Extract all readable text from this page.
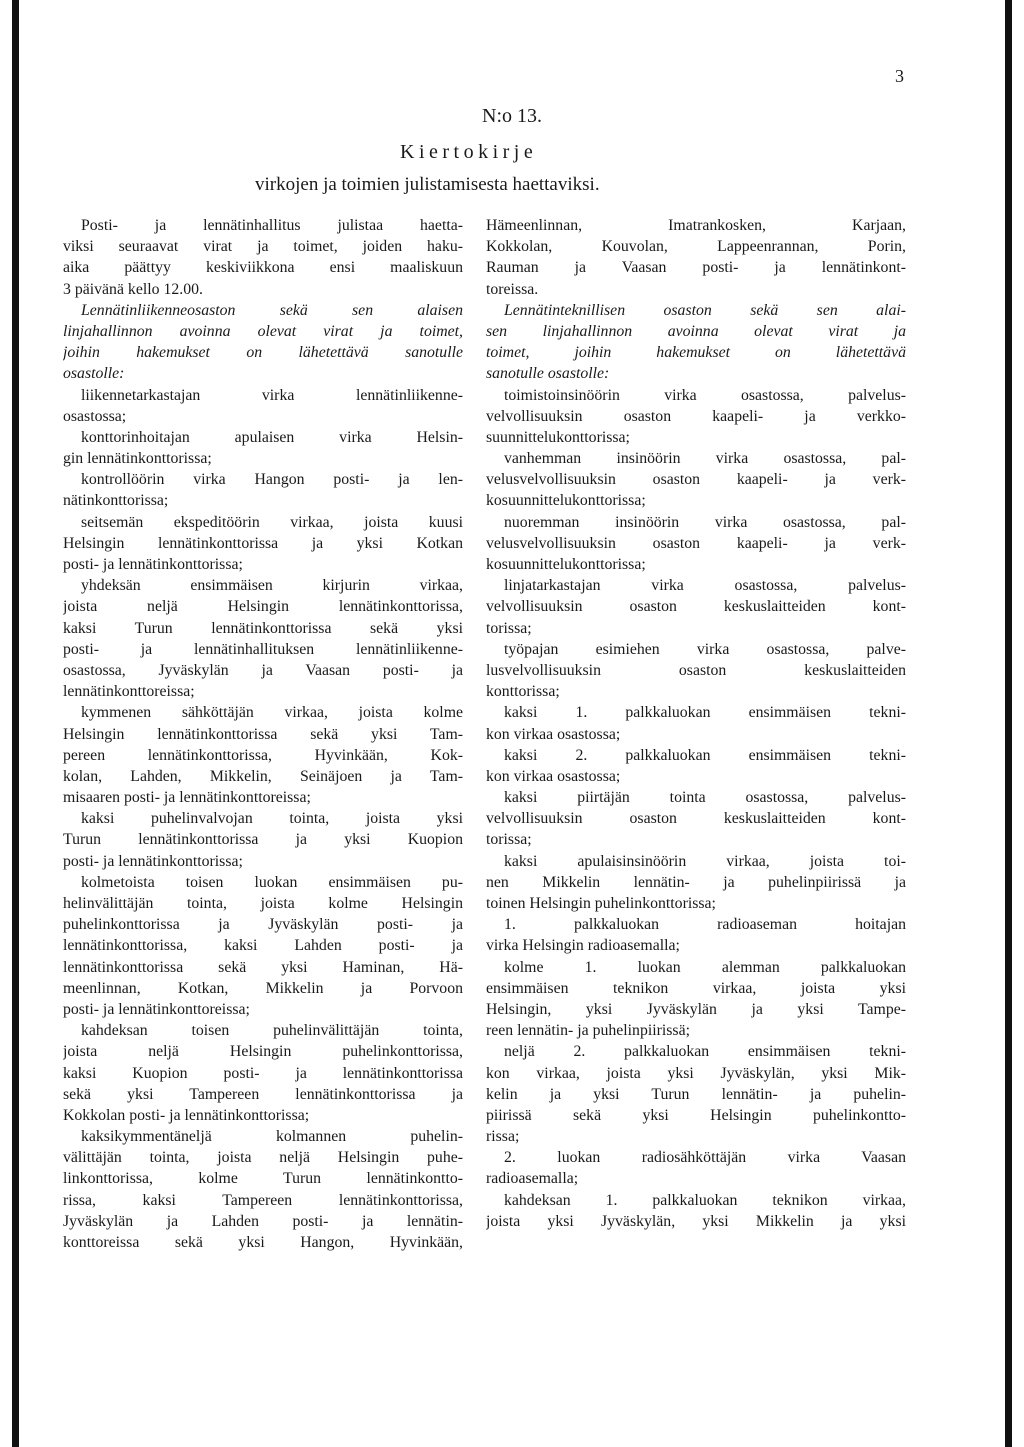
3
N:o 13.
Kiertokirje
virkojen ja toimien julistamisesta haettaviksi.
Posti- ja lennätinhallitus julistaa haetta-
viksi seuraavat virat ja toimet, joiden haku-
aika päättyy keskiviikkona ensi maaliskuun
3 päivänä kello 12.00.
Lennätinliikenneosaston sekä sen alaisen
linjahallinnon avoinna olevat virat ja toimet,
joihin hakemukset on lähetettävä sanotulle
osastolle:
liikennetarkastajan virka lennätinliikenne-
osastossa;
konttorinhoitajan apulaisen virka Helsin-
gin lennätinkonttorissa;
kontrollöörin virka Hangon posti- ja len-
nätinkonttorissa;
seitsemän ekspeditöörin virkaa, joista kuusi
Helsingin lennätinkonttorissa ja yksi Kotkan
posti- ja lennätinkonttorissa;
yhdeksän ensimmäisen kirjurin virkaa,
joista neljä Helsingin lennätinkonttorissa,
kaksi Turun lennätinkonttorissa sekä yksi
posti- ja lennätinhallituksen lennätinliikenne-
osastossa, Jyväskylän ja Vaasan posti- ja
lennätinkonttoreissa;
kymmenen sähköttäjän virkaa, joista kolme
Helsingin lennätinkonttorissa sekä yksi Tam-
pereen lennätinkonttorissa, Hyvinkään, Kok-
kolan, Lahden, Mikkelin, Seinäjoen ja Tam-
misaaren posti- ja lennätinkonttoreissa;
kaksi puhelinvalvojan tointa, joista yksi
Turun lennätinkonttorissa ja yksi Kuopion
posti- ja lennätinkonttorissa;
kolmetoista toisen luokan ensimmäisen pu-
helinvälittäjän tointa, joista kolme Helsingin
puhelinkonttorissa ja Jyväskylän posti- ja
lennätinkonttorissa, kaksi Lahden posti- ja
lennätinkonttorissa sekä yksi Haminan, Hä-
meenlinnan, Kotkan, Mikkelin ja Porvoon
posti- ja lennätinkonttoreissa;
kahdeksan toisen puhelinvälittäjän tointa,
joista neljä Helsingin puhelinkonttorissa,
kaksi Kuopion posti- ja lennätinkonttorissa
sekä yksi Tampereen lennätinkonttorissa ja
Kokkolan posti- ja lennätinkonttorissa;
kaksikymmentäneljä kolmannen puhelin-
välittäjän tointa, joista neljä Helsingin puhe-
linkonttorissa, kolme Turun lennätinkontto-
rissa, kaksi Tampereen lennätinkonttorissa,
Jyväskylän ja Lahden posti- ja lennätin-
konttoreissa sekä yksi Hangon, Hyvinkään,
Hämeenlinnan, Imatrankosken, Karjaan,
Kokkolan, Kouvolan, Lappeenrannan, Porin,
Rauman ja Vaasan posti- ja lennätinkont-
toreissa.
Lennätinteknillisen osaston sekä sen alai-
sen linjahallinnon avoinna olevat virat ja
toimet, joihin hakemukset on lähetettävä
sanotulle osastolle:
toimistoinsinöörin virka osastossa, palvelus-
velvollisuuksin osaston kaapeli- ja verkko-
suunnittelukonttorissa;
vanhemman insinöörin virka osastossa, pal-
velusvelvollisuuksin osaston kaapeli- ja verk-
kosuunnittelukonttorissa;
nuoremman insinöörin virka osastossa, pal-
velusvelvollisuuksin osaston kaapeli- ja verk-
kosuunnittelukonttorissa;
linjatarkastajan virka osastossa, palvelus-
velvollisuuksin osaston keskuslaitteiden kont-
torissa;
työpajan esimiehen virka osastossa, palve-
lusvelvollisuuksin osaston keskuslaitteiden
konttorissa;
kaksi 1. palkkaluokan ensimmäisen tekni-
kon virkaa osastossa;
kaksi 2. palkkaluokan ensimmäisen tekni-
kon virkaa osastossa;
kaksi piirtäjän tointa osastossa, palvelus-
velvollisuuksin osaston keskuslaitteiden kont-
torissa;
kaksi apulaisinsinöörin virkaa, joista toi-
nen Mikkelin lennätin- ja puhelinpiirissä ja
toinen Helsingin puhelinkonttorissa;
1. palkkaluokan radioaseman hoitajan
virka Helsingin radioasemalla;
kolme 1. luokan alemman palkkaluokan
ensimmäisen teknikon virkaa, joista yksi
Helsingin, yksi Jyväskylän ja yksi Tampe-
reen lennätin- ja puhelinpiirissä;
neljä 2. palkkaluokan ensimmäisen tekni-
kon virkaa, joista yksi Jyväskylän, yksi Mik-
kelin ja yksi Turun lennätin- ja puhelin-
piirissä sekä yksi Helsingin puhelinkontto-
rissa;
2. luokan radiosähköttäjän virka Vaasan
radioasemalla;
kahdeksan 1. palkkaluokan teknikon virkaa,
joista yksi Jyväskylän, yksi Mikkelin ja yksi
